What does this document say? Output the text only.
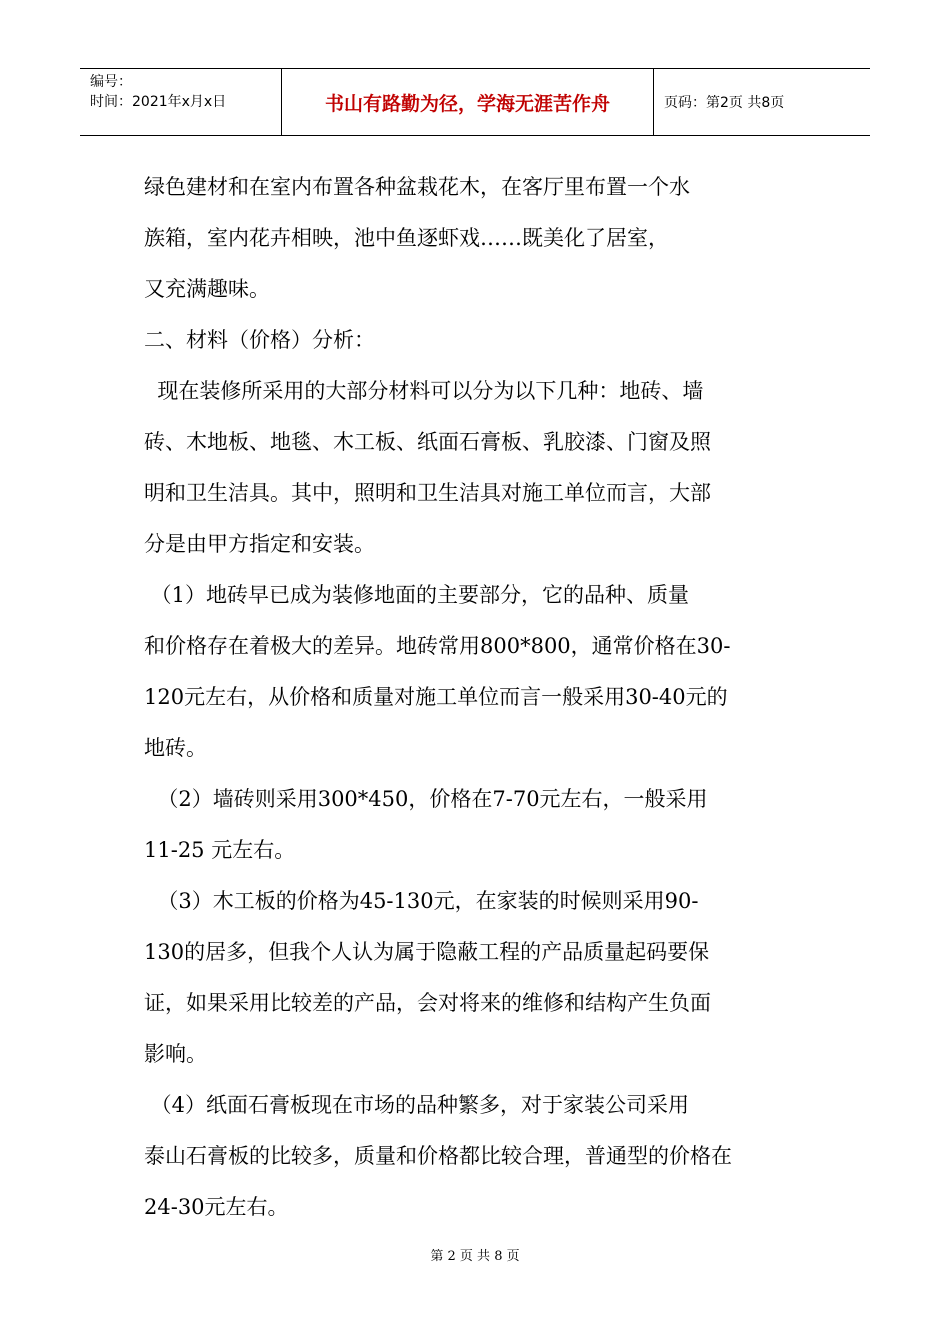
编号：
时间：2021年x月x日	书山有路勤为径，学海无涯苦作舟	页码：第2页 共8页
绿色建材和在室内布置各种盆栽花木，在客厅里布置一个水
族箱，室内花卉相映，池中鱼逐虾戏……既美化了居室，
又充满趣味。
二、材料（价格）分析：
现在装修所采用的大部分材料可以分为以下几种：地砖、墙
砖、木地板、地毯、木工板、纸面石膏板、乳胶漆、门窗及照
明和卫生洁具。其中，照明和卫生洁具对施工单位而言，大部
分是由甲方指定和安装。
（1）地砖早已成为装修地面的主要部分，它的品种、质量
和价格存在着极大的差异。地砖常用800*800，通常价格在30-
120元左右，从价格和质量对施工单位而言一般采用30-40元的
地砖。
（2）墙砖则采用300*450，价格在7-70元左右，一般采用
11-25 元左右。
（3）木工板的价格为45-130元，在家装的时候则采用90-
130的居多，但我个人认为属于隐蔽工程的产品质量起码要保
证，如果采用比较差的产品，会对将来的维修和结构产生负面
影响。
（4）纸面石膏板现在市场的品种繁多，对于家装公司采用
泰山石膏板的比较多，质量和价格都比较合理，普通型的价格在
24-30元左右。
第 2 页 共 8 页
